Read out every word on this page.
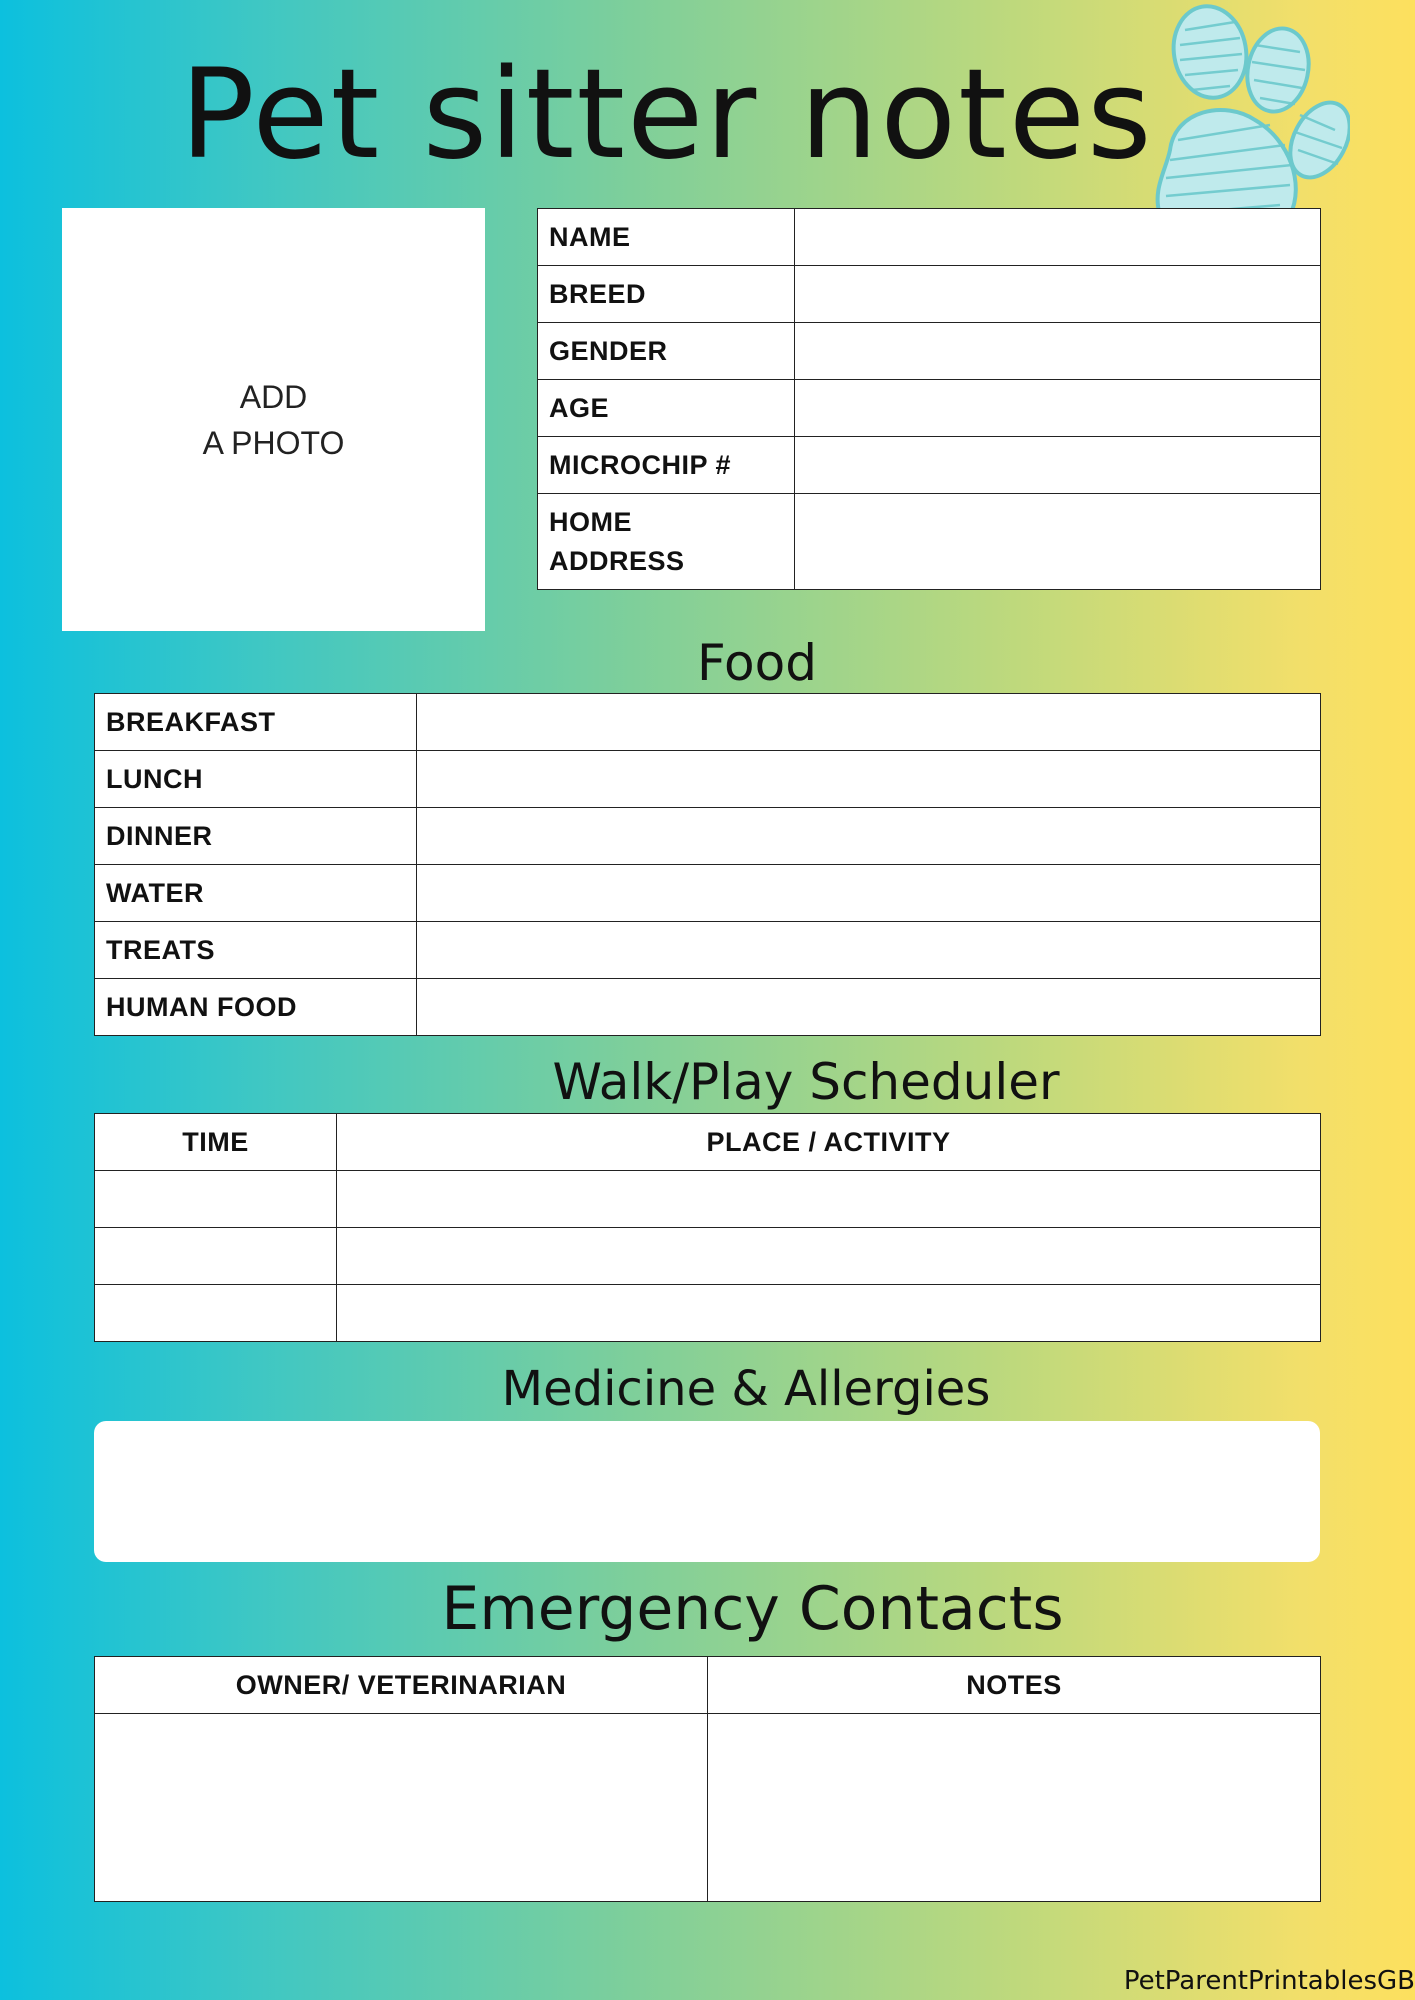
Pet sitter notes
ADD
A PHOTO
NAME	
BREED	
GENDER	
AGE	
MICROCHIP #	

HOME
ADDRESS	

Food
BREAKFAST	
LUNCH	
DINNER	
WATER	
TREATS	
HUMAN FOOD	
Walk/Play Scheduler
TIME	PLACE / ACTIVITY

Medicine & Allergies
Emergency Contacts
OWNER/ VETERINARIAN	NOTES

PetParentPrintablesGB
